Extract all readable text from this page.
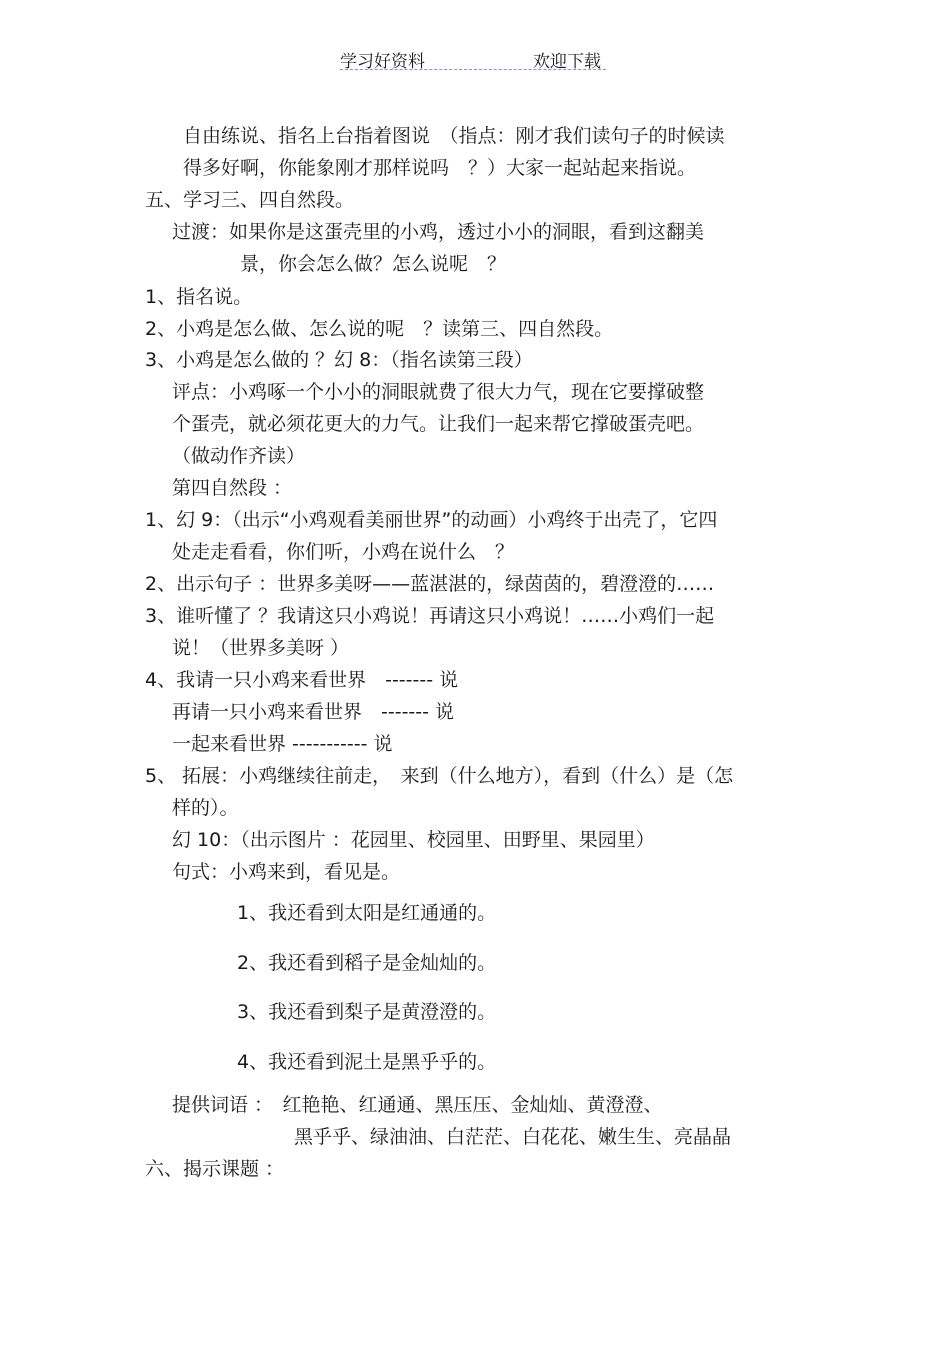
学习好资料	欢迎下载
自由练说、指名上台指着图说　（指点：刚才我们读句子的时候读
得多好啊，你能象刚才那样说吗　？）大家一起站起来指说。
五、学习三、四自然段。
过渡：如果你是这蛋壳里的小鸡，透过小小的洞眼，看到这翻美
景，你会怎么做？怎么说呢　？
1、指名说。
2、小鸡是怎么做、怎么说的呢　？读第三、四自然段。
3、小鸡是怎么做的 ？幻 8：（指名读第三段）
评点：小鸡啄一个小小的洞眼就费了很大力气，现在它要撑破整
个蛋壳，就必须花更大的力气。让我们一起来帮它撑破蛋壳吧。
（做动作齐读）
第四自然段 ：
1、幻 9：（出示“小鸡观看美丽世界”的动画）小鸡终于出壳了，它四
处走走看看，你们听，小鸡在说什么　？
2、出示句子 ：世界多美呀——蓝湛湛的，绿茵茵的，碧澄澄的……
3、谁听懂了 ？我请这只小鸡说！再请这只小鸡说！……小鸡们一起
说！（世界多美呀 ）
4、我请一只小鸡来看世界　------- 说
再请一只小鸡来看世界　------- 说
一起来看世界 ----------- 说
5、 拓展：小鸡继续往前走，　来到（什么地方），看到（什么）是（怎
样的）。
幻 10：（出示图片 ：花园里、校园里、田野里、果园里）
句式：小鸡来到，看见是。
1、我还看到太阳是红通通的。
2、我还看到稻子是金灿灿的。
3、我还看到梨子是黄澄澄的。
4、我还看到泥土是黑乎乎的。
提供词语 ：　红艳艳、红通通、黑压压、金灿灿、黄澄澄、
黑乎乎、绿油油、白茫茫、白花花、嫩生生、亮晶晶
六、揭示课题 ：
